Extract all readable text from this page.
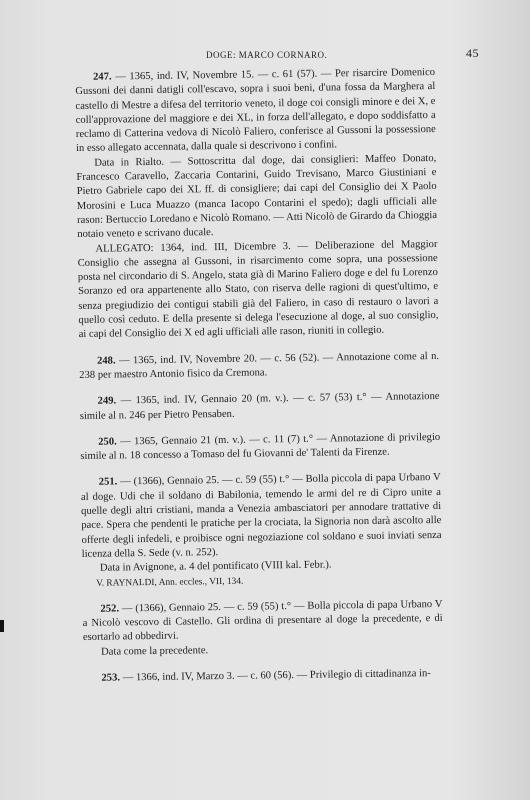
DOGE: MARCO CORNARO.	45

247. — 1365, ind. IV, Novembre 15. — c. 61 (57). — Per risarcire Domenico Gussoni dei danni datigli coll'escavo, sopra i suoi beni, d'una fossa da Marghera al castello di Mestre a difesa del territorio veneto, il doge coi consigli minore e dei X, e coll'approvazione del maggiore e dei XL, in forza dell'allegato, e dopo soddisfatto a reclamo di Catterina vedova di Nicolò Faliero, conferisce al Gussoni la possessione in esso allegato accennata, dalla quale si descrivono i confini.

Data in Rialto. — Sottoscritta dal doge, dai consiglieri: Maffeo Donato, Francesco Caravello, Zaccaria Contarini, Guido Trevisano, Marco Giustiniani e Pietro Gabriele capo dei XL ff. di consigliere; dai capi del Consiglio dei X Paolo Morosini e Luca Muazzo (manca Iacopo Contarini el spedo); dagli ufficiali alle rason: Bertuccio Loredano e Nicolò Romano. — Atti Nicolò de Girardo da Chioggia notaio veneto e scrivano ducale.

ALLEGATO: 1364, ind. III, Dicembre 3. — Deliberazione del Maggior Consiglio che assegna al Gussoni, in risarcimento come sopra, una possessione posta nel circondario di S. Angelo, stata già di Marino Faliero doge e del fu Lorenzo Soranzo ed ora appartenente allo Stato, con riserva delle ragioni di quest'ultimo, e senza pregiudizio dei contigui stabili già del Faliero, in caso di restauro o lavori a quello così ceduto. E della presente si delega l'esecuzione al doge, al suo consiglio, ai capi del Consiglio dei X ed agli ufficiali alle rason, riuniti in collegio.

248. — 1365, ind. IV, Novembre 20. — c. 56 (52). — Annotazione come al n. 238 per maestro Antonio fisico da Cremona.

249. — 1365, ind. IV, Gennaio 20 (m. v.). — c. 57 (53) t.° — Annotazione simile al n. 246 per Pietro Pensaben.

250. — 1365, Gennaio 21 (m. v.). — c. 11 (7) t.° — Annotazione di privilegio simile al n. 18 concesso a Tomaso del fu Giovanni de' Talenti da Firenze.

251. — (1366), Gennaio 25. — c. 59 (55) t.° — Bolla piccola di papa Urbano V al doge. Udi che il soldano di Babilonia, temendo le armi del re di Cipro unite a quelle degli altri cristiani, manda a Venezia ambasciatori per annodare trattative di pace. Spera che pendenti le pratiche per la crociata, la Signoria non darà ascolto alle offerte degli infedeli, e proibisce ogni negoziazione col soldano e suoi inviati senza licenza della S. Sede (v. n. 252).

Data in Avignone, a. 4 del pontificato (VIII kal. Febr.).

V. RAYNALDI, Ann. eccles., VII, 134.

252. — (1366), Gennaio 25. — c. 59 (55) t.° — Bolla piccola di papa Urbano V a Nicolò vescovo di Castello. Gli ordina di presentare al doge la precedente, e di esortarlo ad obbedirvi.

Data come la precedente.

253. — 1366, ind. IV, Marzo 3. — c. 60 (56). — Privilegio di cittadinanza in-
